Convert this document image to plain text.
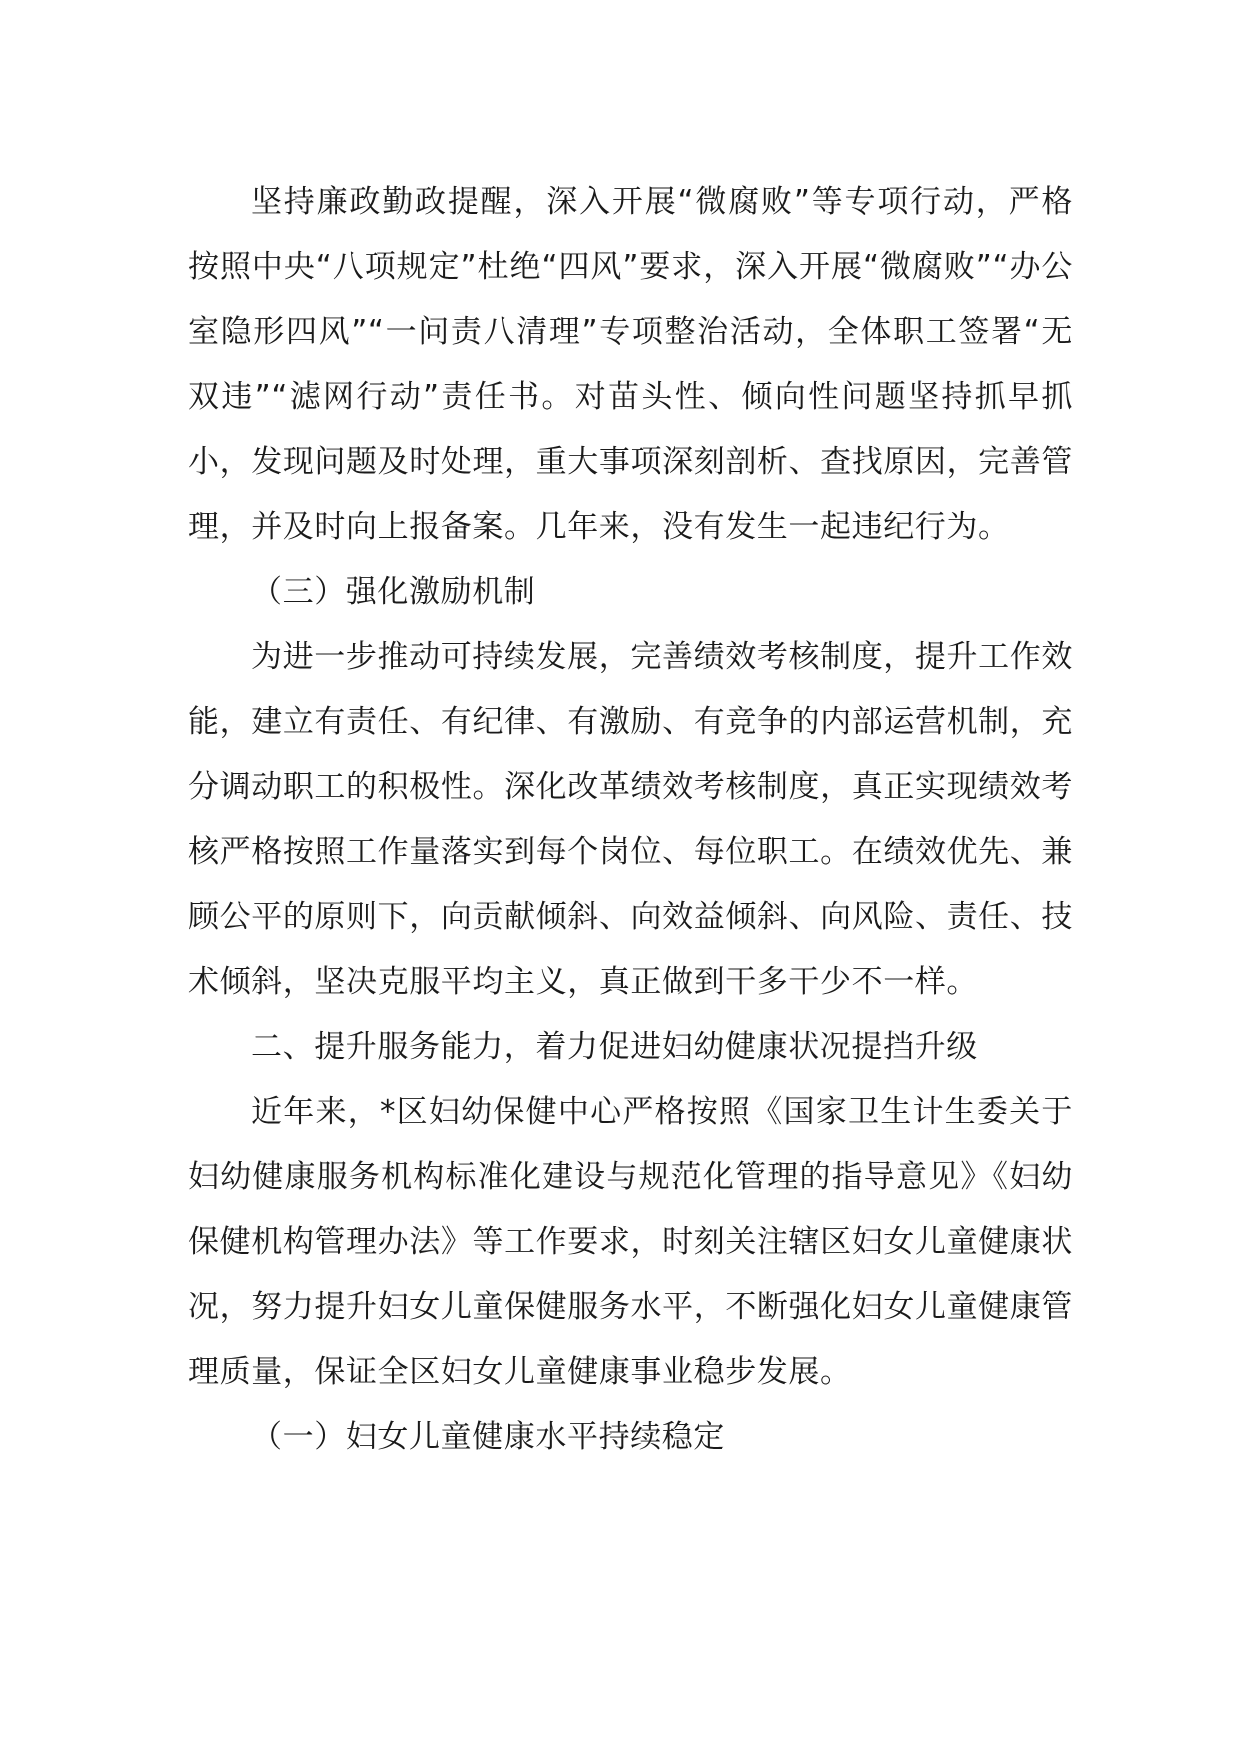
坚持廉政勤政提醒，深入开展“微腐败”等专项行动，严格按照中央“八项规定”杜绝“四风”要求，深入开展“微腐败”“办公室隐形四风”“一问责八清理”专项整治活动，全体职工签署“无双违”“滤网行动”责任书。对苗头性、倾向性问题坚持抓早抓小，发现问题及时处理，重大事项深刻剖析、查找原因，完善管理，并及时向上报备案。几年来，没有发生一起违纪行为。

（三）强化激励机制

为进一步推动可持续发展，完善绩效考核制度，提升工作效能，建立有责任、有纪律、有激励、有竞争的内部运营机制，充分调动职工的积极性。深化改革绩效考核制度，真正实现绩效考核严格按照工作量落实到每个岗位、每位职工。在绩效优先、兼顾公平的原则下，向贡献倾斜、向效益倾斜、向风险、责任、技术倾斜，坚决克服平均主义，真正做到干多干少不一样。

二、提升服务能力，着力促进妇幼健康状况提挡升级

近年来，*区妇幼保健中心严格按照《国家卫生计生委关于妇幼健康服务机构标准化建设与规范化管理的指导意见》《妇幼保健机构管理办法》等工作要求，时刻关注辖区妇女儿童健康状况，努力提升妇女儿童保健服务水平，不断强化妇女儿童健康管理质量，保证全区妇女儿童健康事业稳步发展。

（一）妇女儿童健康水平持续稳定
